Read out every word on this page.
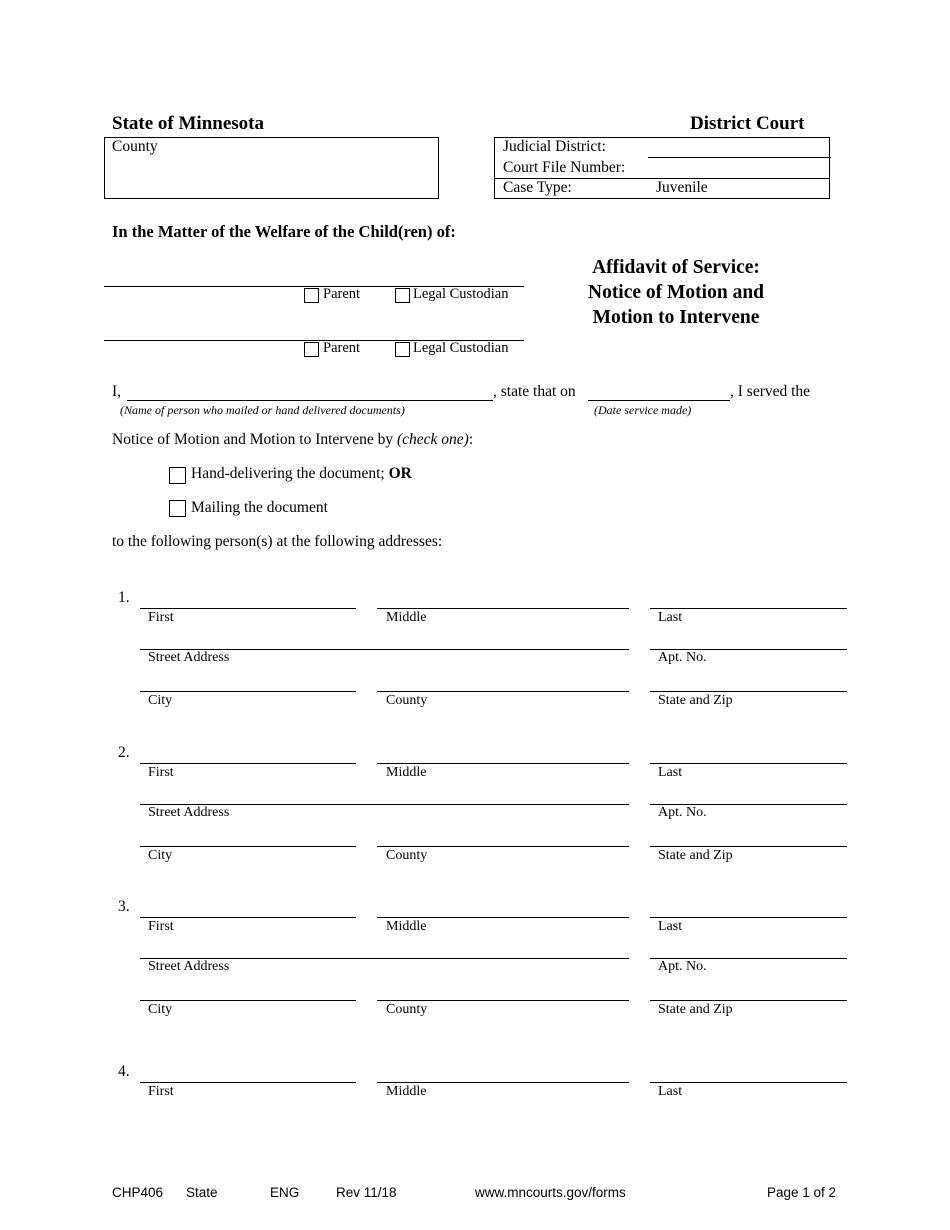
State of Minnesota	District Court
County	Judicial District:
Court File Number:
Case Type:	Juvenile
In the Matter of the Welfare of the Child(ren) of:
Parent	Legal Custodian
Parent	Legal Custodian
Affidavit of Service:
Notice of Motion and
Motion to Intervene
I,	, state that on	, I served the
(Name of person who mailed or hand delivered documents)	(Date service made)
Notice of Motion and Motion to Intervene by (check one):
Hand-delivering the document; OR
Mailing the document
to the following person(s) at the following addresses:
1.
First	Middle	Last
Street Address	Apt. No.
City	County	State and Zip
2.
First	Middle	Last
Street Address	Apt. No.
City	County	State and Zip
3.
First	Middle	Last
Street Address	Apt. No.
City	County	State and Zip
4.
First	Middle	Last
CHP406 State	ENG	Rev 11/18	www.mncourts.gov/forms	Page 1 of 2
